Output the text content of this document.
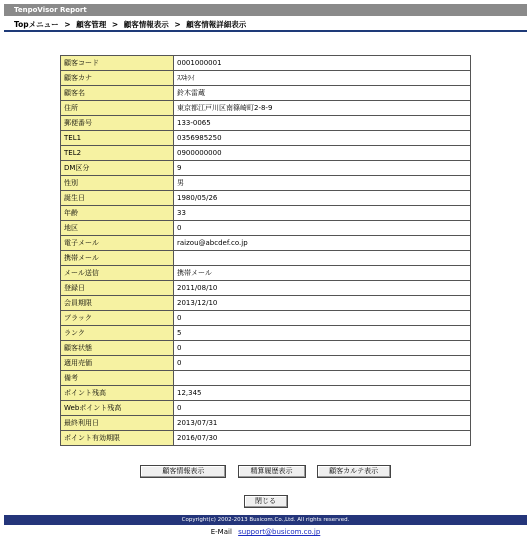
TenpoVisor Report
Topメニュー > 顧客管理 > 顧客情報表示 > 顧客情報詳細表示
顧客コード	0001000001
顧客カナ	ｽｽｷﾗｲ
顧客名	鈴木雷蔵
住所	東京都江戸川区南篠崎町2-8-9
郵便番号	133-0065
TEL1	0356985250
TEL2	0900000000
DM区分	9
性別	男
誕生日	1980/05/26
年齢	33
地区	0
電子メール	raizou@abcdef.co.jp
携帯メール	
メール送信	携帯メール
登録日	2011/08/10
会員期限	2013/12/10
ブラック	0
ランク	5
顧客状態	0
適用売価	0
備考	
ポイント残高	12,345
Webポイント残高	0
最終利用日	2013/07/31
ポイント有効期限	2016/07/30
顧客情報表示	精算履歴表示	顧客カルテ表示
閉じる
Copyright(c) 2002-2013 Busicom.Co.,Ltd. All rights reserved.
E-Mail support@busicom.co.jp
